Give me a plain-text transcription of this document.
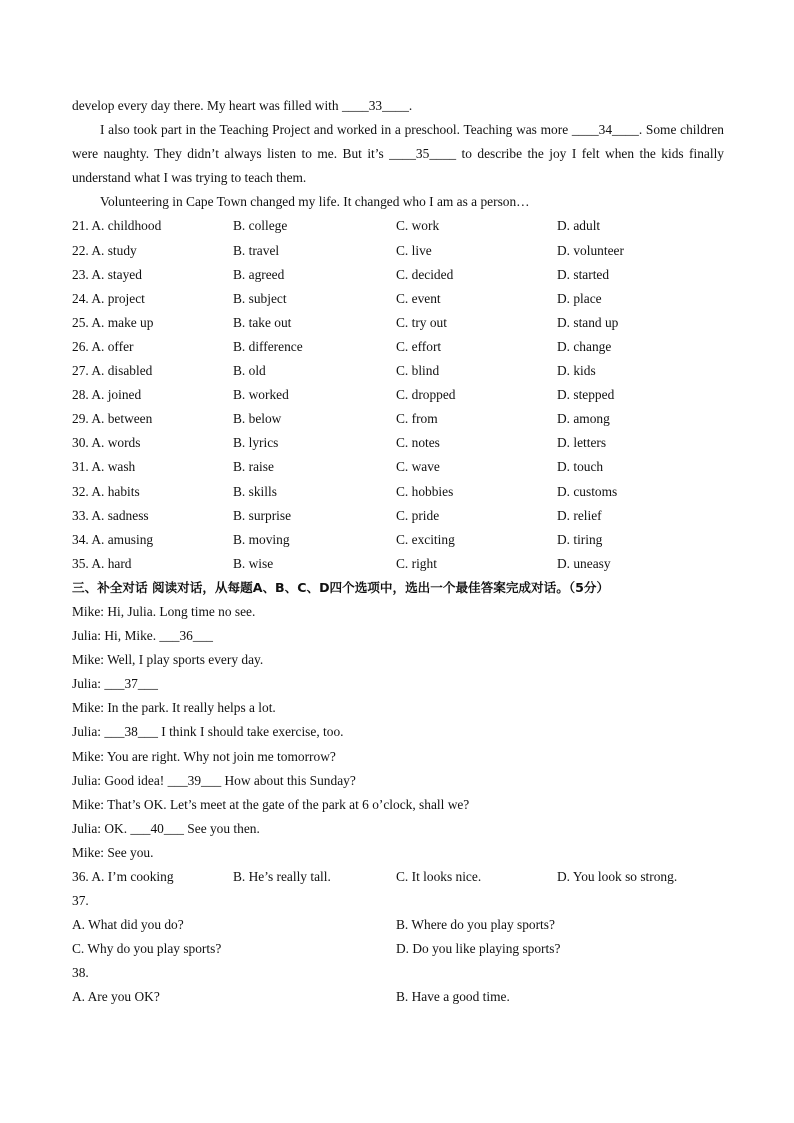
develop every day there. My heart was filled with ____33____.

I also took part in the Teaching Project and worked in a preschool. Teaching was more ____34____. Some children were naughty. They didn’t always listen to me. But it’s ____35____ to describe the joy I felt when the kids finally understand what I was trying to teach them.

Volunteering in Cape Town changed my life. It changed who I am as a person…

21. A. childhood	B. college	C. work	D. adult
22. A. study	B. travel	C. live	D. volunteer
23. A. stayed	B. agreed	C. decided	D. started
24. A. project	B. subject	C. event	D. place
25. A. make up	B. take out	C. try out	D. stand up
26. A. offer	B. difference	C. effort	D. change
27. A. disabled	B. old	C. blind	D. kids
28. A. joined	B. worked	C. dropped	D. stepped
29. A. between	B. below	C. from	D. among
30. A. words	B. lyrics	C. notes	D. letters
31. A. wash	B. raise	C. wave	D. touch
32. A. habits	B. skills	C. hobbies	D. customs
33. A. sadness	B. surprise	C. pride	D. relief
34. A. amusing	B. moving	C. exciting	D. tiring
35. A. hard	B. wise	C. right	D. uneasy
三、补全对话 阅读对话，从每题A、B、C、D四个选项中，选出一个最佳答案完成对话。（5分）
Mike: Hi, Julia. Long time no see.
Julia: Hi, Mike. ___36___
Mike: Well, I play sports every day.
Julia: ___37___
Mike: In the park. It really helps a lot.
Julia: ___38___ I think I should take exercise, too.
Mike: You are right. Why not join me tomorrow?
Julia: Good idea! ___39___ How about this Sunday?
Mike: That’s OK. Let’s meet at the gate of the park at 6 o’clock, shall we?
Julia: OK. ___40___ See you then.
Mike: See you.
36. A. I’m cooking	B. He’s really tall.	C. It looks nice.	D. You look so strong.
37.
A. What did you do?	B. Where do you play sports?
C. Why do you play sports?	D. Do you like playing sports?
38.
A. Are you OK?	B. Have a good time.
